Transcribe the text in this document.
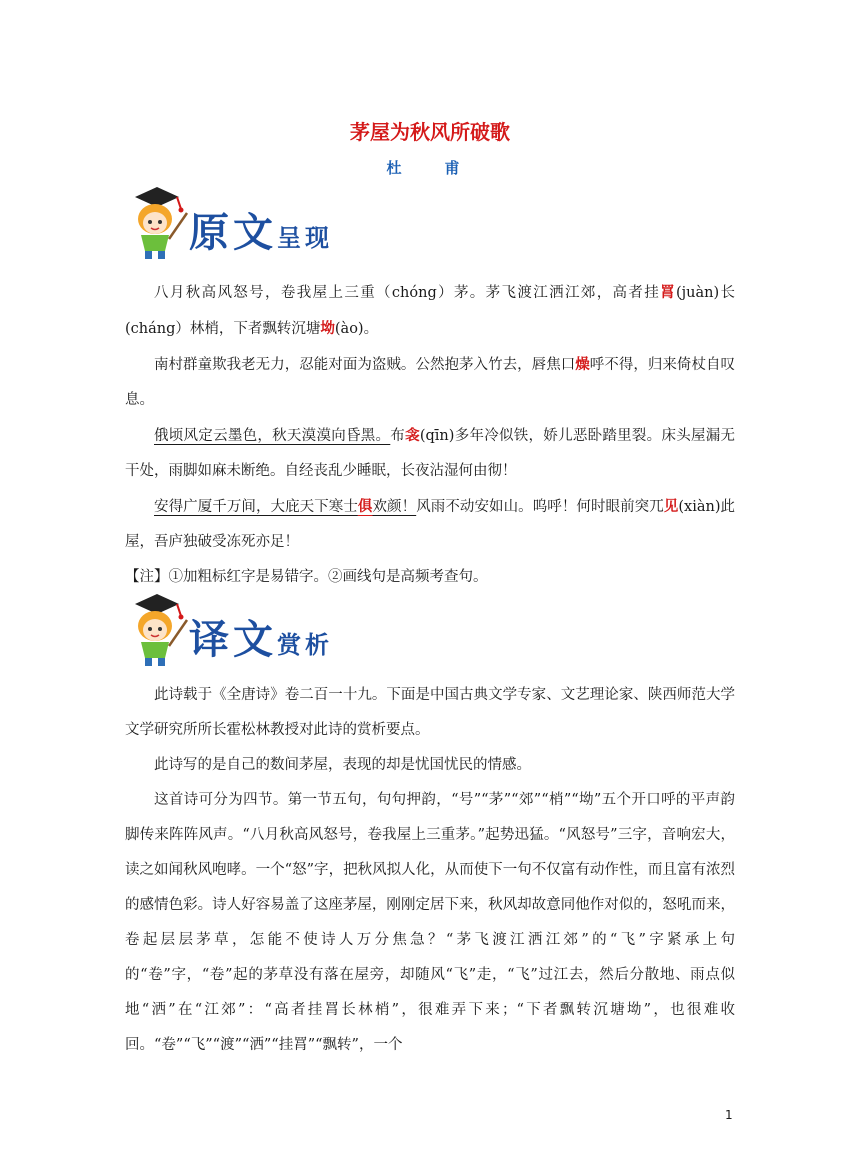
茅屋为秋风所破歌
杜　甫
原文呈现

八月秋高风怒号，卷我屋上三重（chóng）茅。茅飞渡江洒江郊，高者挂罥(juàn)长(cháng）林梢，下者飘转沉塘坳(ào)。

南村群童欺我老无力，忍能对面为盗贼。公然抱茅入竹去，唇焦口燥呼不得，归来倚杖自叹息。

俄顷风定云墨色，秋天漠漠向昏黑。布衾(qīn)多年冷似铁，娇儿恶卧踏里裂。床头屋漏无干处，雨脚如麻未断绝。自经丧乱少睡眠，长夜沾湿何由彻！

安得广厦千万间，大庇天下寒士俱欢颜！风雨不动安如山。呜呼！何时眼前突兀见(xiàn)此屋，吾庐独破受冻死亦足！

【注】①加粗标红字是易错字。②画线句是高频考查句。

译文赏析

此诗载于《全唐诗》卷二百一十九。下面是中国古典文学专家、文艺理论家、陕西师范大学文学研究所所长霍松林教授对此诗的赏析要点。

此诗写的是自己的数间茅屋，表现的却是忧国忧民的情感。

这首诗可分为四节。第一节五句，句句押韵，“号”“茅”“郊”“梢”“坳”五个开口呼的平声韵脚传来阵阵风声。“八月秋高风怒号，卷我屋上三重茅。”起势迅猛。“风怒号”三字，音响宏大，读之如闻秋风咆哮。一个“怒”字，把秋风拟人化，从而使下一句不仅富有动作性，而且富有浓烈的感情色彩。诗人好容易盖了这座茅屋，刚刚定居下来，秋风却故意同他作对似的，怒吼而来，卷起层层茅草，怎能不使诗人万分焦急？“茅飞渡江洒江郊”的“飞”字紧承上句的“卷”字，“卷”起的茅草没有落在屋旁，却随风“飞”走，“飞”过江去，然后分散地、雨点似地“洒”在“江郊”：“高者挂罥长林梢”，很难弄下来；“下者飘转沉塘坳”，也很难收回。“卷”“飞”“渡”“洒”“挂罥”“飘转”，一个

1
